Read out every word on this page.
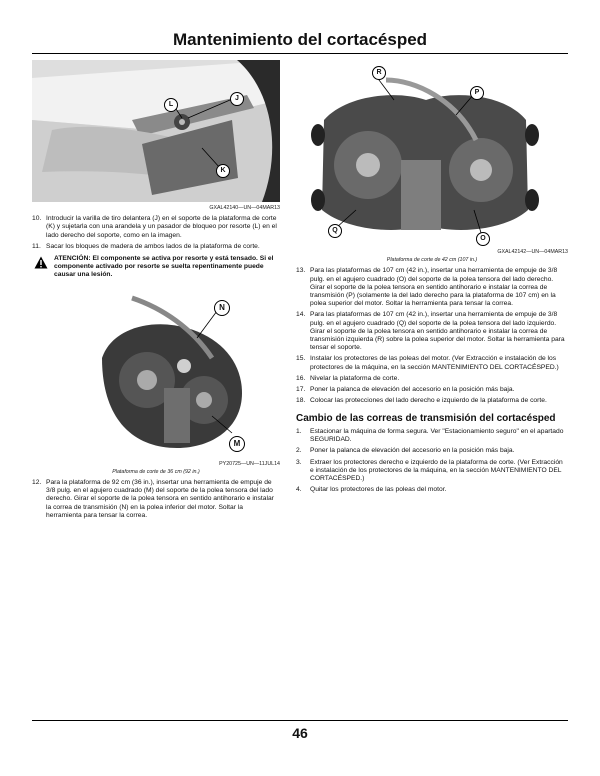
Mantenimiento del cortacésped
L
J
K
GXAL42140—UN—04MAR13
10. Introducir la varilla de tiro delantera (J) en el soporte de la plataforma de corte (K) y sujetarla con una arandela y un pasador de bloqueo por resorte (L) en el lado derecho del soporte, como en la imagen.
11. Sacar los bloques de madera de ambos lados de la plataforma de corte.
ATENCIÓN: El componente se activa por resorte y está tensado. Si el componente activado por resorte se suelta repentinamente puede causar una lesión.
N
M
PY20725—UN—11JUL14
Plataforma de corte de 36 cm (92 in.)
12. Para la plataforma de 92 cm (36 in.), insertar una herramienta de empuje de 3/8 pulg. en el agujero cuadrado (M) del soporte de la polea tensora del lado derecho. Girar el soporte de la polea tensora en sentido antihorario e instalar la correa de transmisión (N) en la polea inferior del motor. Soltar la herramienta para tensar la correa.
R
P
Q
O
GXAL42142—UN—04MAR13
Plataforma de corte de 42 cm (107 in.)
13. Para las plataformas de 107 cm (42 in.), insertar una herramienta de empuje de 3/8 pulg. en el agujero cuadrado (O) del soporte de la polea tensora del lado derecho. Girar el soporte de la polea tensora en sentido antihorario e instalar la correa de transmisión (P) (solamente la del lado derecho para la plataforma de 107 cm) en la polea superior del motor. Soltar la herramienta para tensar la correa.
14. Para las plataformas de 107 cm (42 in.), insertar una herramienta de empuje de 3/8 pulg. en el agujero cuadrado (Q) del soporte de la polea tensora del lado izquierdo. Girar el soporte de la polea tensora en sentido antihorario e instalar la correa de transmisión izquierda (R) sobre la polea superior del motor. Soltar la herramienta para tensar el soporte.
15. Instalar los protectores de las poleas del motor. (Ver Extracción e instalación de los protectores de la máquina, en la sección MANTENIMIENTO DEL CORTACÉSPED.)
16. Nivelar la plataforma de corte.
17. Poner la palanca de elevación del accesorio en la posición más baja.
18. Colocar las protecciones del lado derecho e izquierdo de la plataforma de corte.
Cambio de las correas de transmisión del cortacésped
1. Estacionar la máquina de forma segura. Ver "Estacionamiento seguro" en el apartado SEGURIDAD.
2. Poner la palanca de elevación del accesorio en la posición más baja.
3. Extraer los protectores derecho e izquierdo de la plataforma de corte. (Ver Extracción e instalación de los protectores de la máquina, en la sección MANTENIMIENTO DEL CORTACÉSPED.)
4. Quitar los protectores de las poleas del motor.
46
